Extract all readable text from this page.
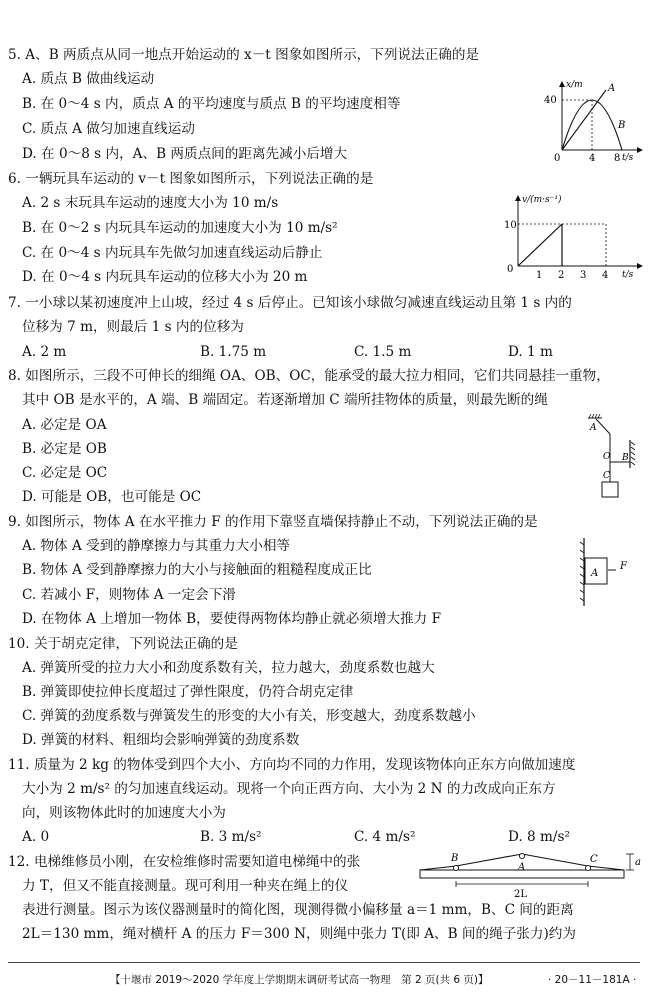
5. A、B 两质点从同一地点开始运动的 x－t 图象如图所示，下列说法正确的是
A. 质点 B 做曲线运动
B. 在 0～4 s 内，质点 A 的平均速度与质点 B 的平均速度相等
C. 质点 A 做匀加速直线运动
D. 在 0～8 s 内，A、B 两质点间的距离先减小后增大
x/m
t/s
40
0	4 8
A
B
6. 一辆玩具车运动的 v－t 图象如图所示，下列说法正确的是
A. 2 s 末玩具车运动的速度大小为 10 m/s
B. 在 0～2 s 内玩具车运动的加速度大小为 10 m/s²
C. 在 0～4 s 内玩具车先做匀加速直线运动后静止
D. 在 0～4 s 内玩具车运动的位移大小为 20 m
v/(m·s⁻¹)
t/s
10
0
1 2 3 4
7. 一小球以某初速度冲上山坡，经过 4 s 后停止。已知该小球做匀减速直线运动且第 1 s 内的
位移为 7 m，则最后 1 s 内的位移为
A. 2 m	B. 1.75 m	C. 1.5 m	D. 1 m
8. 如图所示，三段不可伸长的细绳 OA、OB、OC，能承受的最大拉力相同，它们共同悬挂一重物，
其中 OB 是水平的，A 端、B 端固定。若逐渐增加 C 端所挂物体的质量，则最先断的绳
A. 必定是 OA
B. 必定是 OB
C. 必定是 OC
D. 可能是 OB，也可能是 OC
A
O B
C
9. 如图所示，物体 A 在水平推力 F 的作用下靠竖直墙保持静止不动，下列说法正确的是
A. 物体 A 受到的静摩擦力与其重力大小相等
B. 物体 A 受到静摩擦力的大小与接触面的粗糙程度成正比
C. 若减小 F，则物体 A 一定会下滑
D. 在物体 A 上增加一物体 B，要使得两物体均静止就必须增大推力 F
A
F
10. 关于胡克定律，下列说法正确的是
A. 弹簧所受的拉力大小和劲度系数有关，拉力越大，劲度系数也越大
B. 弹簧即使拉伸长度超过了弹性限度，仍符合胡克定律
C. 弹簧的劲度系数与弹簧发生的形变的大小有关，形变越大，劲度系数越小
D. 弹簧的材料、粗细均会影响弹簧的劲度系数
11. 质量为 2 kg 的物体受到四个大小、方向均不同的力作用，发现该物体向正东方向做加速度
大小为 2 m/s² 的匀加速直线运动。现将一个向正西方向、大小为 2 N 的力改成向正东方
向，则该物体此时的加速度大小为
A. 0	B. 3 m/s²	C. 4 m/s²	D. 8 m/s²
12. 电梯维修员小刚，在安检维修时需要知道电梯绳中的张
力 T，但又不能直接测量。现可利用一种夹在绳上的仪
表进行测量。图示为该仪器测量时的简化图，现测得微小偏移量 a＝1 mm，B、C 间的距离
2L＝130 mm，绳对横杆 A 的压力 F＝300 N，则绳中张力 T(即 A、B 间的绳子张力)约为
B
A
C
2L
a
【十堰市 2019～2020 学年度上学期期末调研考试高一物理　第 2 页(共 6 页)】	· 20－11－181A ·
